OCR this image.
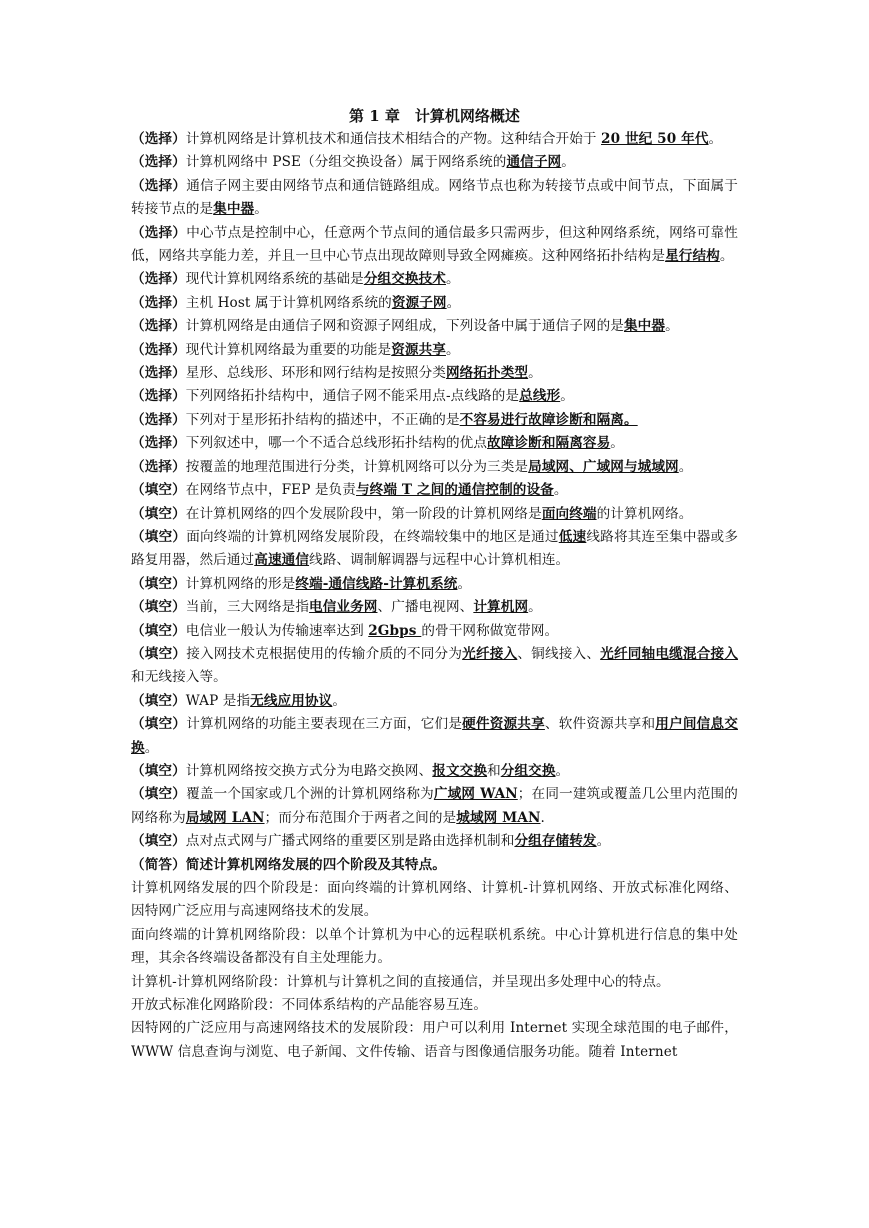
第 1 章　计算机网络概述
（选择）计算机网络是计算机技术和通信技术相结合的产物。这种结合开始于 20 世纪 50 年代。
（选择）计算机网络中 PSE（分组交换设备）属于网络系统的通信子网。
（选择）通信子网主要由网络节点和通信链路组成。网络节点也称为转接节点或中间节点，下面属于转接节点的是集中器。
（选择）中心节点是控制中心，任意两个节点间的通信最多只需两步，但这种网络系统，网络可靠性低，网络共享能力差，并且一旦中心节点出现故障则导致全网瘫痪。这种网络拓扑结构是星行结构。
（选择）现代计算机网络系统的基础是分组交换技术。
（选择）主机 Host 属于计算机网络系统的资源子网。
（选择）计算机网络是由通信子网和资源子网组成，下列设备中属于通信子网的是集中器。
（选择）现代计算机网络最为重要的功能是资源共享。
（选择）星形、总线形、环形和网行结构是按照分类网络拓扑类型。
（选择）下列网络拓扑结构中，通信子网不能采用点-点线路的是总线形。
（选择）下列对于星形拓扑结构的描述中，不正确的是不容易进行故障诊断和隔离。
（选择）下列叙述中，哪一个不适合总线形拓扑结构的优点故障诊断和隔离容易。
（选择）按覆盖的地理范围进行分类，计算机网络可以分为三类是局域网、广域网与城域网。
（填空）在网络节点中，FEP 是负责与终端 T 之间的通信控制的设备。
（填空）在计算机网络的四个发展阶段中，第一阶段的计算机网络是面向终端的计算机网络。
（填空）面向终端的计算机网络发展阶段，在终端较集中的地区是通过低速线路将其连至集中器或多路复用器，然后通过高速通信线路、调制解调器与远程中心计算机相连。
（填空）计算机网络的形是终端-通信线路-计算机系统。
（填空）当前，三大网络是指电信业务网、广播电视网、计算机网。
（填空）电信业一般认为传输速率达到 2Gbps 的骨干网称做宽带网。
（填空）接入网技术克根据使用的传输介质的不同分为光纤接入、铜线接入、光纤同轴电缆混合接入和无线接入等。
（填空）WAP 是指无线应用协议。
（填空）计算机网络的功能主要表现在三方面，它们是硬件资源共享、软件资源共享和用户间信息交换。
（填空）计算机网络按交换方式分为电路交换网、报文交换和分组交换。
（填空）覆盖一个国家或几个洲的计算机网络称为广域网 WAN；在同一建筑或覆盖几公里内范围的网络称为局域网 LAN；而分布范围介于两者之间的是城域网 MAN.
（填空）点对点式网与广播式网络的重要区别是路由选择机制和分组存储转发。
（简答）简述计算机网络发展的四个阶段及其特点。
计算机网络发展的四个阶段是：面向终端的计算机网络、计算机-计算机网络、开放式标准化网络、因特网广泛应用与高速网络技术的发展。
面向终端的计算机网络阶段：以单个计算机为中心的远程联机系统。中心计算机进行信息的集中处理，其余各终端设备都没有自主处理能力。
计算机-计算机网络阶段：计算机与计算机之间的直接通信，并呈现出多处理中心的特点。
开放式标准化网路阶段：不同体系结构的产品能容易互连。
因特网的广泛应用与高速网络技术的发展阶段：用户可以利用 Internet 实现全球范围的电子邮件，WWW 信息查询与浏览、电子新闻、文件传输、语音与图像通信服务功能。随着 Internet
